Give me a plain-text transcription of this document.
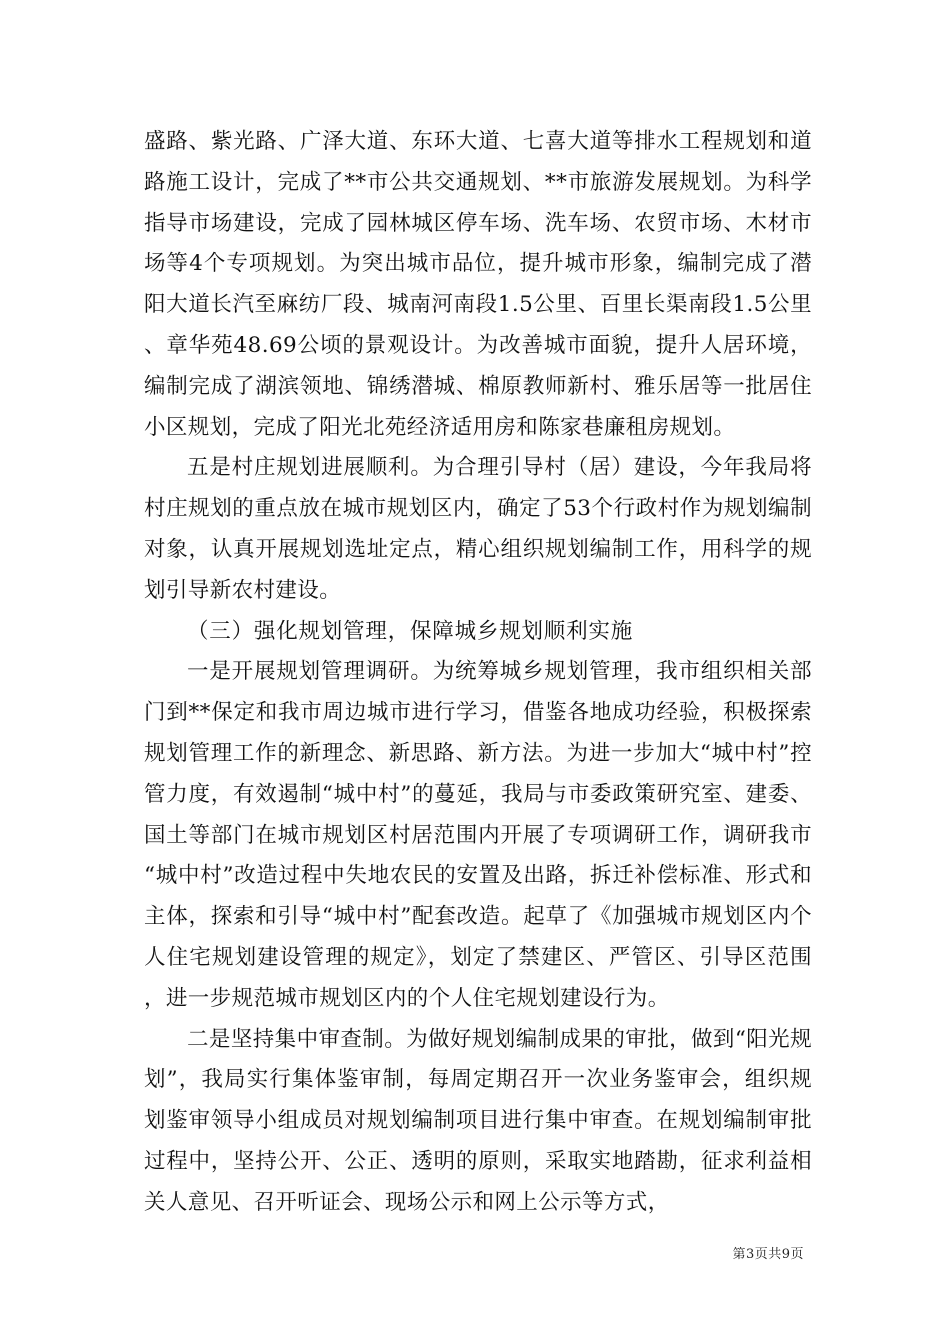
盛路、紫光路、广泽大道、东环大道、七喜大道等排水工程规划和道路施工设计，完成了**市公共交通规划、**市旅游发展规划。为科学指导市场建设，完成了园林城区停车场、洗车场、农贸市场、木材市场等4个专项规划。为突出城市品位，提升城市形象，编制完成了潜阳大道长汽至麻纺厂段、城南河南段1.5公里、百里长渠南段1.5公里、章华苑48.69公顷的景观设计。为改善城市面貌，提升人居环境，编制完成了湖滨领地、锦绣潜城、棉原教师新村、雅乐居等一批居住小区规划，完成了阳光北苑经济适用房和陈家巷廉租房规划。

五是村庄规划进展顺利。为合理引导村（居）建设，今年我局将村庄规划的重点放在城市规划区内，确定了53个行政村作为规划编制对象，认真开展规划选址定点，精心组织规划编制工作，用科学的规划引导新农村建设。

（三）强化规划管理，保障城乡规划顺利实施

一是开展规划管理调研。为统筹城乡规划管理，我市组织相关部门到**保定和我市周边城市进行学习，借鉴各地成功经验，积极探索规划管理工作的新理念、新思路、新方法。为进一步加大“城中村”控管力度，有效遏制“城中村”的蔓延，我局与市委政策研究室、建委、国土等部门在城市规划区村居范围内开展了专项调研工作，调研我市“城中村”改造过程中失地农民的安置及出路，拆迁补偿标准、形式和主体，探索和引导“城中村”配套改造。起草了《加强城市规划区内个人住宅规划建设管理的规定》，划定了禁建区、严管区、引导区范围，进一步规范城市规划区内的个人住宅规划建设行为。

二是坚持集中审查制。为做好规划编制成果的审批，做到“阳光规划”，我局实行集体鉴审制，每周定期召开一次业务鉴审会，组织规划鉴审领导小组成员对规划编制项目进行集中审查。在规划编制审批过程中，坚持公开、公正、透明的原则，采取实地踏勘，征求利益相关人意见、召开听证会、现场公示和网上公示等方式，

第3页共9页
